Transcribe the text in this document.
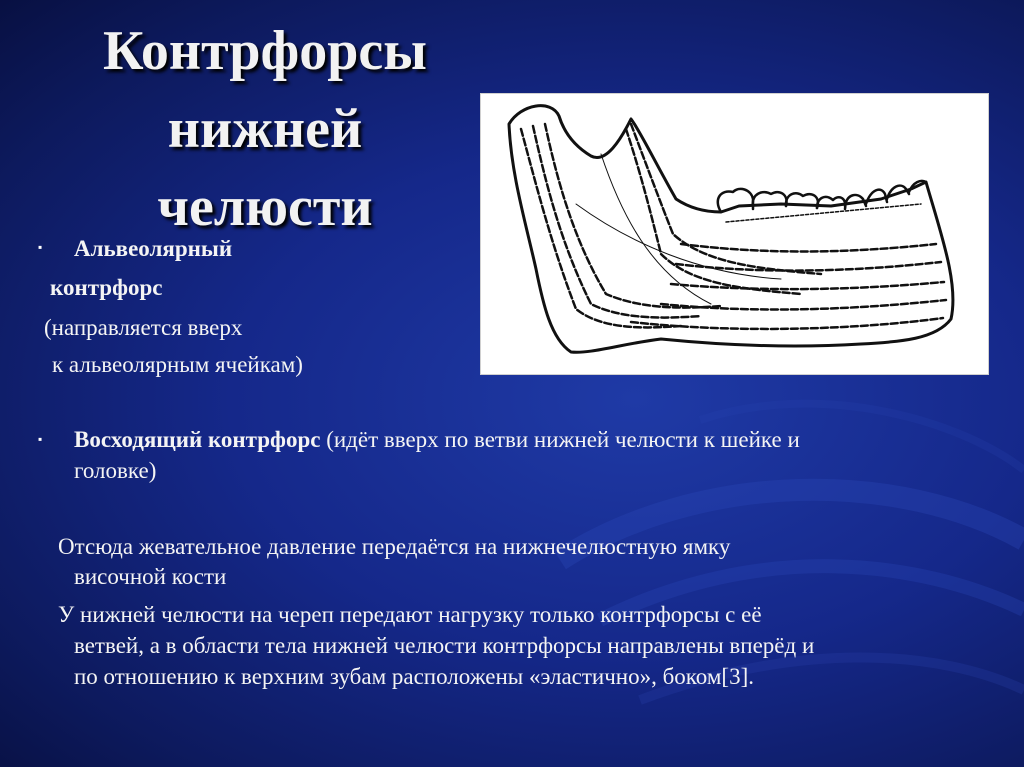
Контрфорсы
нижней
челюсти
▪ Альвеолярный
контрфорс
(направляется вверх
к альвеолярным ячейкам)
▪ Восходящий контрфорс (идёт вверх по ветви нижней челюсти к шейке и
головке)
Отсюда жевательное давление передаётся на нижнечелюстную ямку
височной кости
У нижней челюсти на череп передают нагрузку только контрфорсы с её
ветвей, а в области тела нижней челюсти контрфорсы направлены вперёд и
по отношению к верхним зубам расположены «эластично», боком[3].
